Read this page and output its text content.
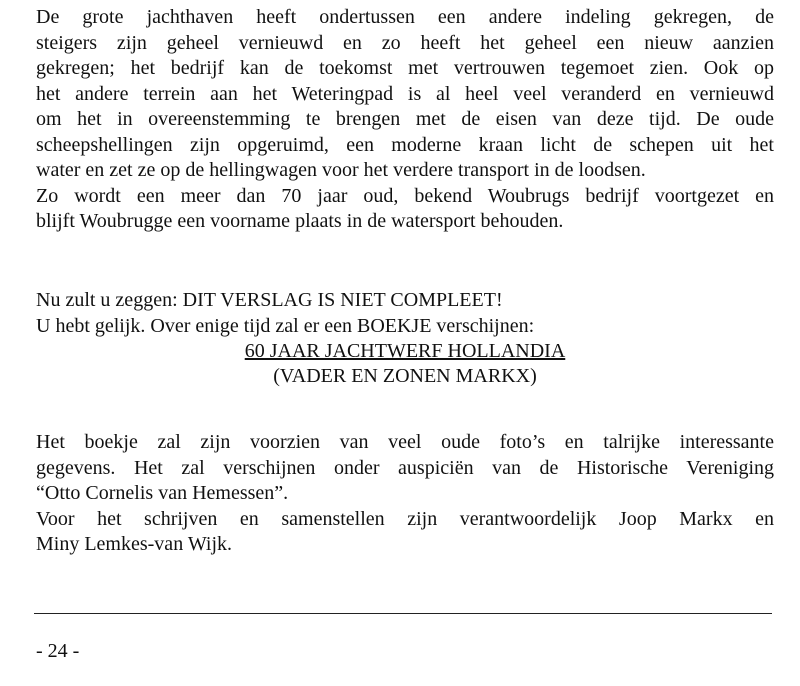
De grote jachthaven heeft ondertussen een andere indeling gekregen, de
steigers zijn geheel vernieuwd en zo heeft het geheel een nieuw aanzien
gekregen; het bedrijf kan de toekomst met vertrouwen tegemoet zien. Ook op
het andere terrein aan het Weteringpad is al heel veel veranderd en vernieuwd
om het in overeenstemming te brengen met de eisen van deze tijd. De oude
scheepshellingen zijn opgeruimd, een moderne kraan licht de schepen uit het
water en zet ze op de hellingwagen voor het verdere transport in de loodsen.
Zo wordt een meer dan 70 jaar oud, bekend Woubrugs bedrijf voortgezet en
blijft Woubrugge een voorname plaats in de watersport behouden.
Nu zult u zeggen: DIT VERSLAG IS NIET COMPLEET!
U hebt gelijk. Over enige tijd zal er een BOEKJE verschijnen:
60 JAAR JACHTWERF HOLLANDIA
(VADER EN ZONEN MARKX)
Het boekje zal zijn voorzien van veel oude foto’s en talrijke interessante
gegevens. Het zal verschijnen onder auspiciën van de Historische Vereniging
“Otto Cornelis van Hemessen”.
Voor het schrijven en samenstellen zijn verantwoordelijk Joop Markx en
Miny Lemkes-van Wijk.
- 24 -
